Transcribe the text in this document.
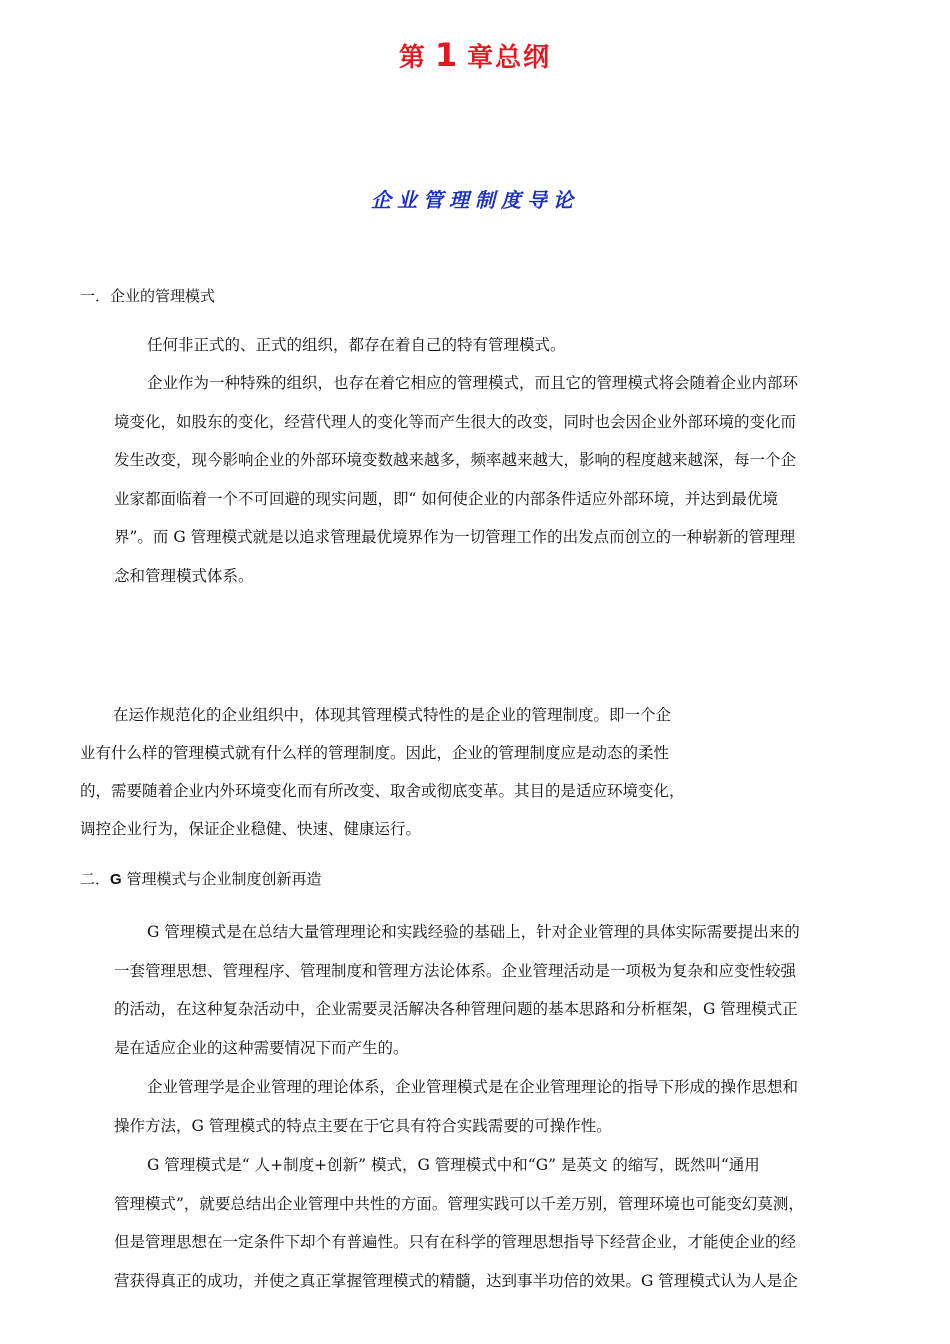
第 1 章总纲
企业管理制度导论
一．企业的管理模式
任何非正式的、正式的组织，都存在着自己的特有管理模式。
企业作为一种特殊的组织，也存在着它相应的管理模式，而且它的管理模式将会随着企业内部环
境变化，如股东的变化，经营代理人的变化等而产生很大的改变，同时也会因企业外部环境的变化而
发生改变，现今影响企业的外部环境变数越来越多，频率越来越大，影响的程度越来越深，每一个企
业家都面临着一个不可回避的现实问题，即“ 如何使企业的内部条件适应外部环境，并达到最优境
界”。而 G 管理模式就是以追求管理最优境界作为一切管理工作的出发点而创立的一种崭新的管理理
念和管理模式体系。
在运作规范化的企业组织中，体现其管理模式特性的是企业的管理制度。即一个企
业有什么样的管理模式就有什么样的管理制度。因此，企业的管理制度应是动态的柔性
的，需要随着企业内外环境变化而有所改变、取舍或彻底变革。其目的是适应环境变化，
调控企业行为，保证企业稳健、快速、健康运行。
二．G 管理模式与企业制度创新再造
G 管理模式是在总结大量管理理论和实践经验的基础上，针对企业管理的具体实际需要提出来的
一套管理思想、管理程序、管理制度和管理方法论体系。企业管理活动是一项极为复杂和应变性较强
的活动，在这种复杂活动中，企业需要灵活解决各种管理问题的基本思路和分析框架，G 管理模式正
是在适应企业的这种需要情况下而产生的。
企业管理学是企业管理的理论体系，企业管理模式是在企业管理理论的指导下形成的操作思想和
操作方法，G 管理模式的特点主要在于它具有符合实践需要的可操作性。
G 管理模式是“ 人+制度+创新” 模式，G 管理模式中和“G” 是英文 的缩写，既然叫“通用
管理模式”，就要总结出企业管理中共性的方面。管理实践可以千差万别，管理环境也可能变幻莫测，
但是管理思想在一定条件下却个有普遍性。只有在科学的管理思想指导下经营企业，才能使企业的经
营获得真正的成功，并使之真正掌握管理模式的精髓，达到事半功倍的效果。G 管理模式认为人是企
